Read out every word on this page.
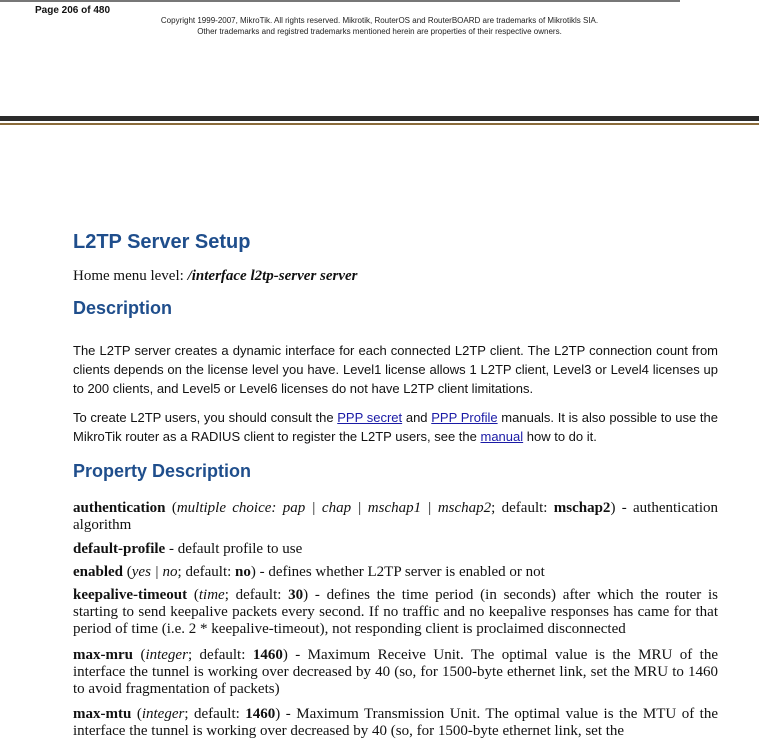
Page 206 of 480
Copyright 1999-2007, MikroTik. All rights reserved. Mikrotik, RouterOS and RouterBOARD are trademarks of Mikrotikls SIA.
Other trademarks and registred trademarks mentioned herein are properties of their respective owners.
L2TP Server Setup
Home menu level: /interface l2tp-server server
Description
The L2TP server creates a dynamic interface for each connected L2TP client. The L2TP connection count from clients depends on the license level you have. Level1 license allows 1 L2TP client, Level3 or Level4 licenses up to 200 clients, and Level5 or Level6 licenses do not have L2TP client limitations.
To create L2TP users, you should consult the PPP secret and PPP Profile manuals. It is also possible to use the MikroTik router as a RADIUS client to register the L2TP users, see the manual how to do it.
Property Description
authentication (multiple choice: pap | chap | mschap1 | mschap2; default: mschap2) - authentication algorithm
default-profile - default profile to use
enabled (yes | no; default: no) - defines whether L2TP server is enabled or not
keepalive-timeout (time; default: 30) - defines the time period (in seconds) after which the router is starting to send keepalive packets every second. If no traffic and no keepalive responses has came for that period of time (i.e. 2 * keepalive-timeout), not responding client is proclaimed disconnected
max-mru (integer; default: 1460) - Maximum Receive Unit. The optimal value is the MRU of the interface the tunnel is working over decreased by 40 (so, for 1500-byte ethernet link, set the MRU to 1460 to avoid fragmentation of packets)
max-mtu (integer; default: 1460) - Maximum Transmission Unit. The optimal value is the MTU of the interface the tunnel is working over decreased by 40 (so, for 1500-byte ethernet link, set the
